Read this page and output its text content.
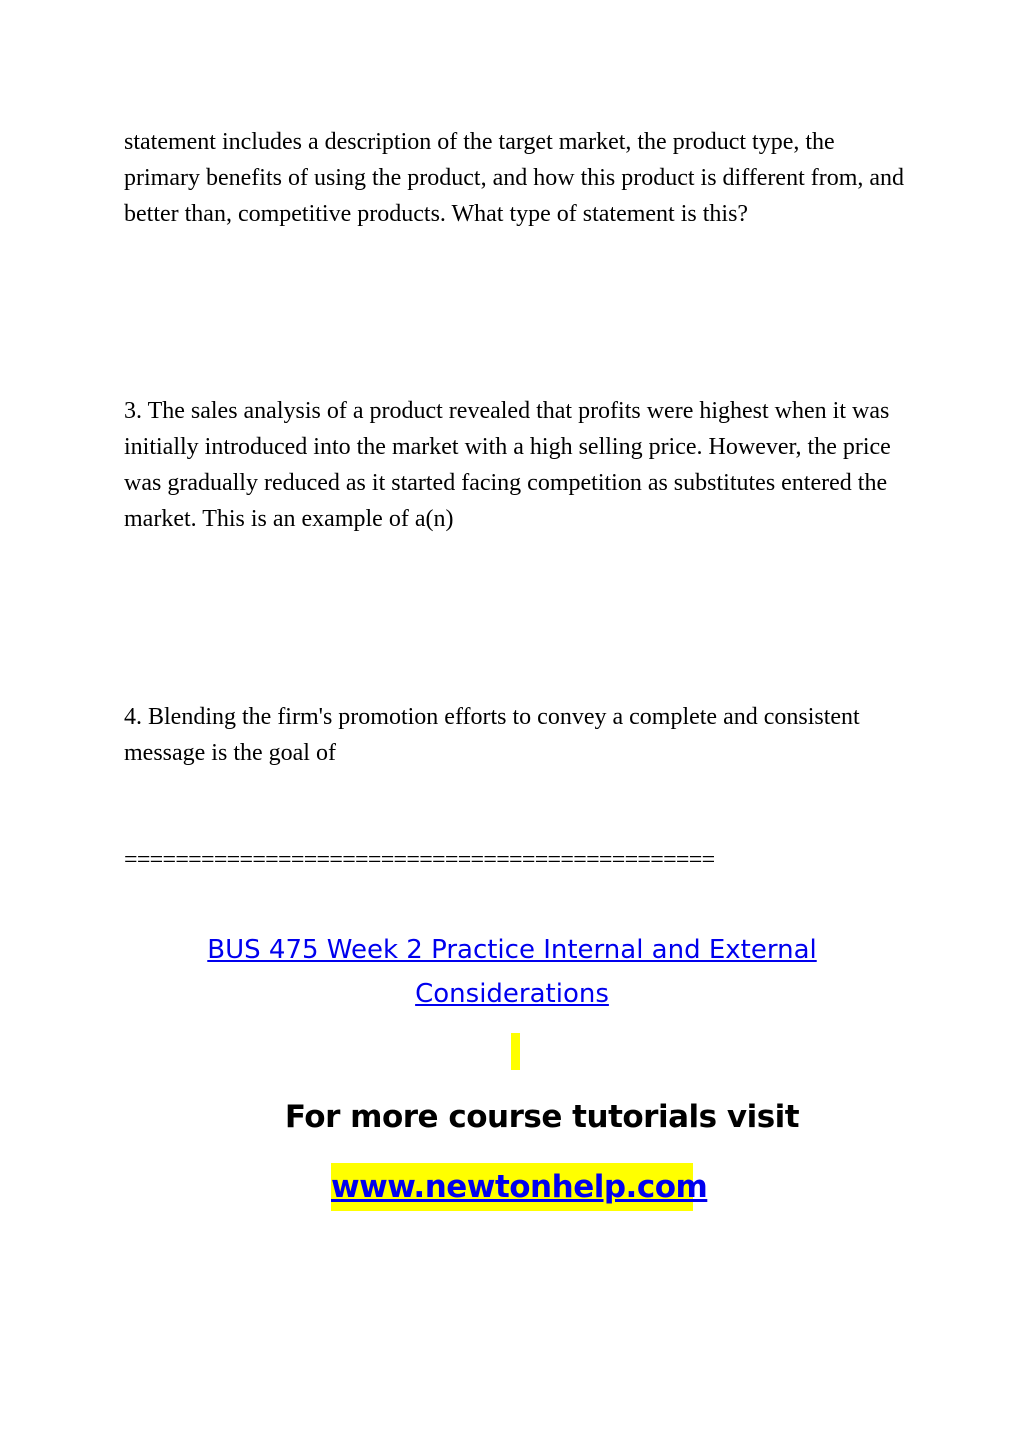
statement includes a description of the target market, the product type, the primary benefits of using the product, and how this product is different from, and better than, competitive products. What type of statement is this?

3. The sales analysis of a product revealed that profits were highest when it was initially introduced into the market with a high selling price. However, the price was gradually reduced as it started facing competition as substitutes entered the market. This is an example of a(n)

4. Blending the firm's promotion efforts to convey a complete and consistent message is the goal of

==============================================

BUS 475 Week 2 Practice Internal and External Considerations
For more course tutorials visit
www.newtonhelp.com
